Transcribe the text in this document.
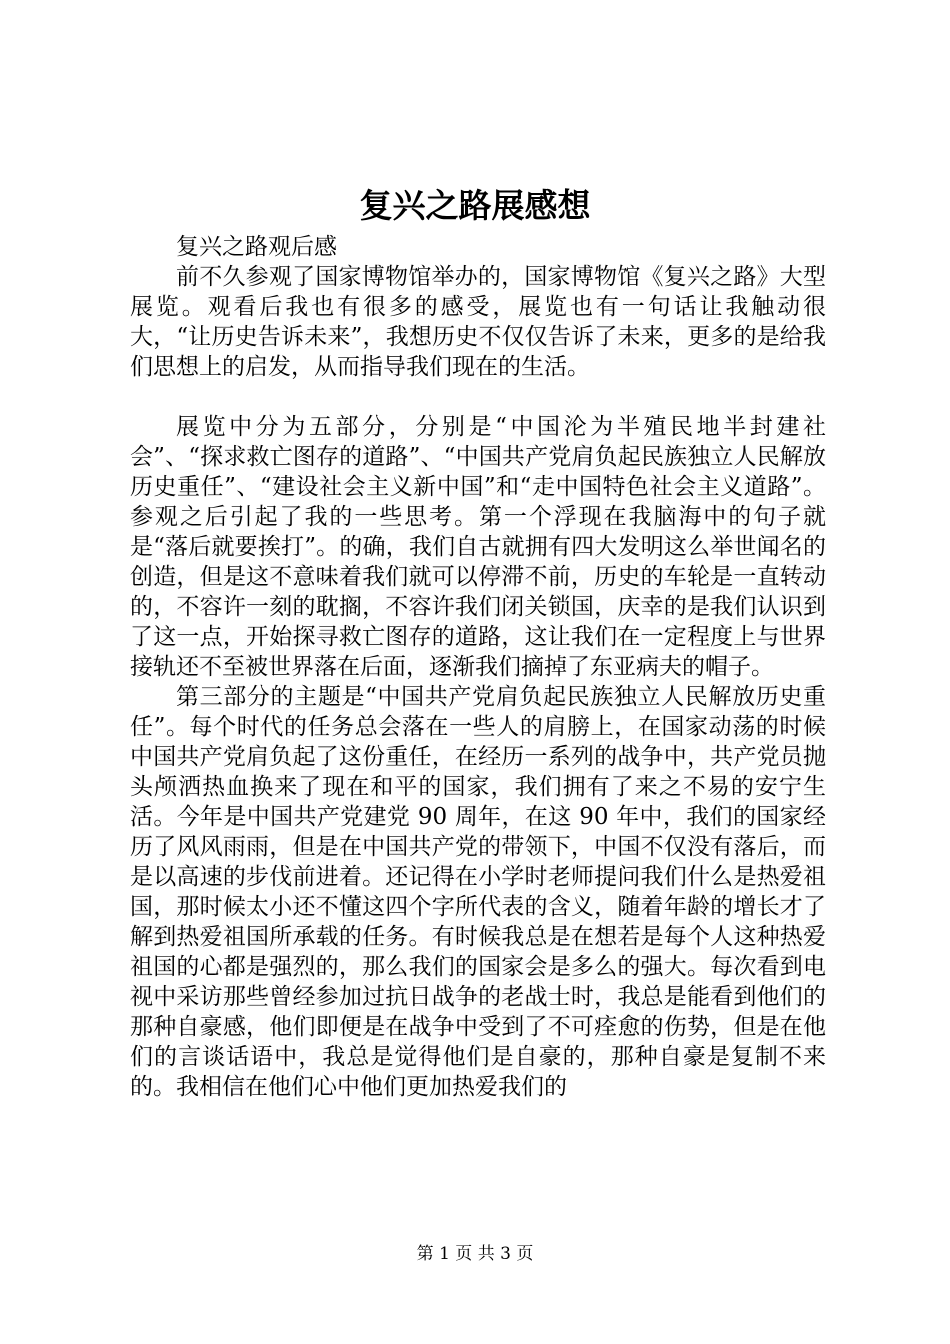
复兴之路展感想

复兴之路观后感

前不久参观了国家博物馆举办的，国家博物馆《复兴之路》大型展览。观看后我也有很多的感受，展览也有一句话让我触动很大，“让历史告诉未来”，我想历史不仅仅告诉了未来，更多的是给我们思想上的启发，从而指导我们现在的生活。

展览中分为五部分，分别是“中国沦为半殖民地半封建社会”、“探求救亡图存的道路”、“中国共产党肩负起民族独立人民解放历史重任”、“建设社会主义新中国”和“走中国特色社会主义道路”。参观之后引起了我的一些思考。第一个浮现在我脑海中的句子就是“落后就要挨打”。的确，我们自古就拥有四大发明这么举世闻名的创造，但是这不意味着我们就可以停滞不前，历史的车轮是一直转动的，不容许一刻的耽搁，不容许我们闭关锁国，庆幸的是我们认识到了这一点，开始探寻救亡图存的道路，这让我们在一定程度上与世界接轨还不至被世界落在后面，逐渐我们摘掉了东亚病夫的帽子。

第三部分的主题是“中国共产党肩负起民族独立人民解放历史重任”。每个时代的任务总会落在一些人的肩膀上，在国家动荡的时候中国共产党肩负起了这份重任，在经历一系列的战争中，共产党员抛头颅洒热血换来了现在和平的国家，我们拥有了来之不易的安宁生活。今年是中国共产党建党 90 周年，在这 90 年中，我们的国家经历了风风雨雨，但是在中国共产党的带领下，中国不仅没有落后，而是以高速的步伐前进着。还记得在小学时老师提问我们什么是热爱祖国，那时候太小还不懂这四个字所代表的含义，随着年龄的增长才了解到热爱祖国所承载的任务。有时候我总是在想若是每个人这种热爱祖国的心都是强烈的，那么我们的国家会是多么的强大。每次看到电视中采访那些曾经参加过抗日战争的老战士时，我总是能看到他们的那种自豪感，他们即便是在战争中受到了不可痊愈的伤势，但是在他们的言谈话语中，我总是觉得他们是自豪的，那种自豪是复制不来的。我相信在他们心中他们更加热爱我们的

第 1 页 共 3 页
